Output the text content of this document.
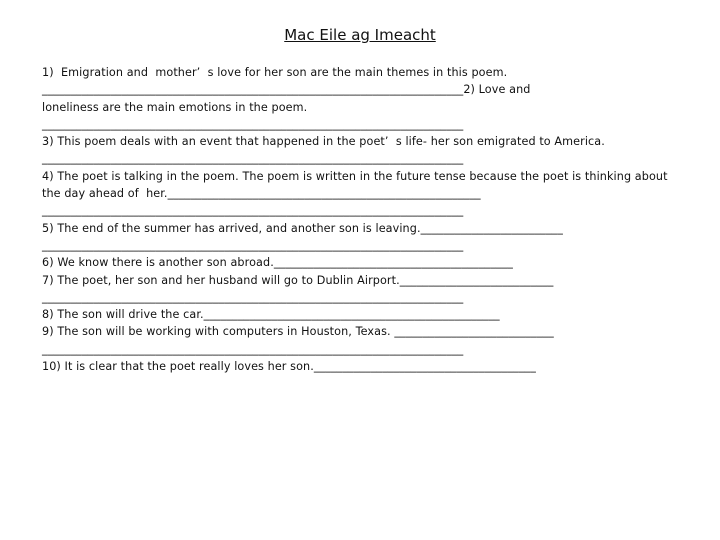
Mac Eile ag Imeacht
1)  Emigration and  mother’  s love for her son are the main themes in this poem.
__________________________________________________________________________2) Love and
loneliness are the main emotions in the poem.
__________________________________________________________________________
3) This poem deals with an event that happened in the poet’  s life- her son emigrated to America.
__________________________________________________________________________
4) The poet is talking in the poem. The poem is written in the future tense because the poet is thinking about
the day ahead of  her._______________________________________________________
__________________________________________________________________________
5) The end of the summer has arrived, and another son is leaving._________________________
__________________________________________________________________________
6) We know there is another son abroad.__________________________________________
7) The poet, her son and her husband will go to Dublin Airport.___________________________
__________________________________________________________________________
8) The son will drive the car.____________________________________________________
9) The son will be working with computers in Houston, Texas. ____________________________
__________________________________________________________________________
10) It is clear that the poet really loves her son._______________________________________
